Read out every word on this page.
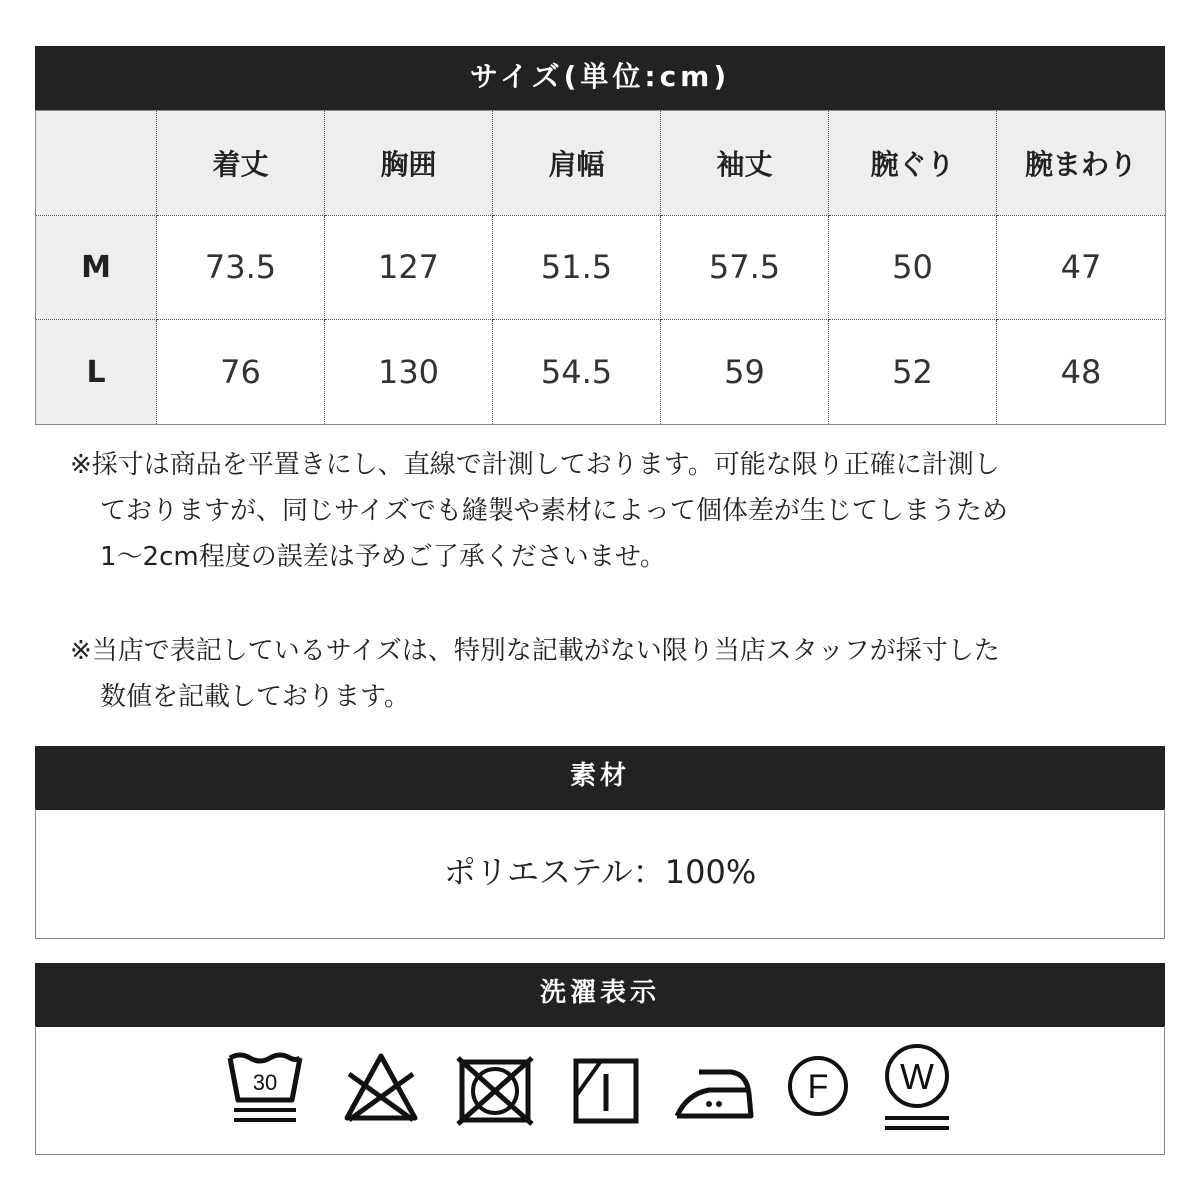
サイズ(単位:cm)
	着丈	胸囲	肩幅	袖丈	腕ぐり	腕まわり
M	73.5	127	51.5	57.5	50	47
L	76	130	54.5	59	52	48
※採寸は商品を平置きにし、直線で計測しております。可能な限り正確に計測し
ておりますが、同じサイズでも縫製や素材によって個体差が生じてしまうため
1～2cm程度の誤差は予めご了承くださいませ。
※当店で表記しているサイズは、特別な記載がない限り当店スタッフが採寸した
数値を記載しております。
素材
ポリエステル：100%
洗濯表示
30	F W
